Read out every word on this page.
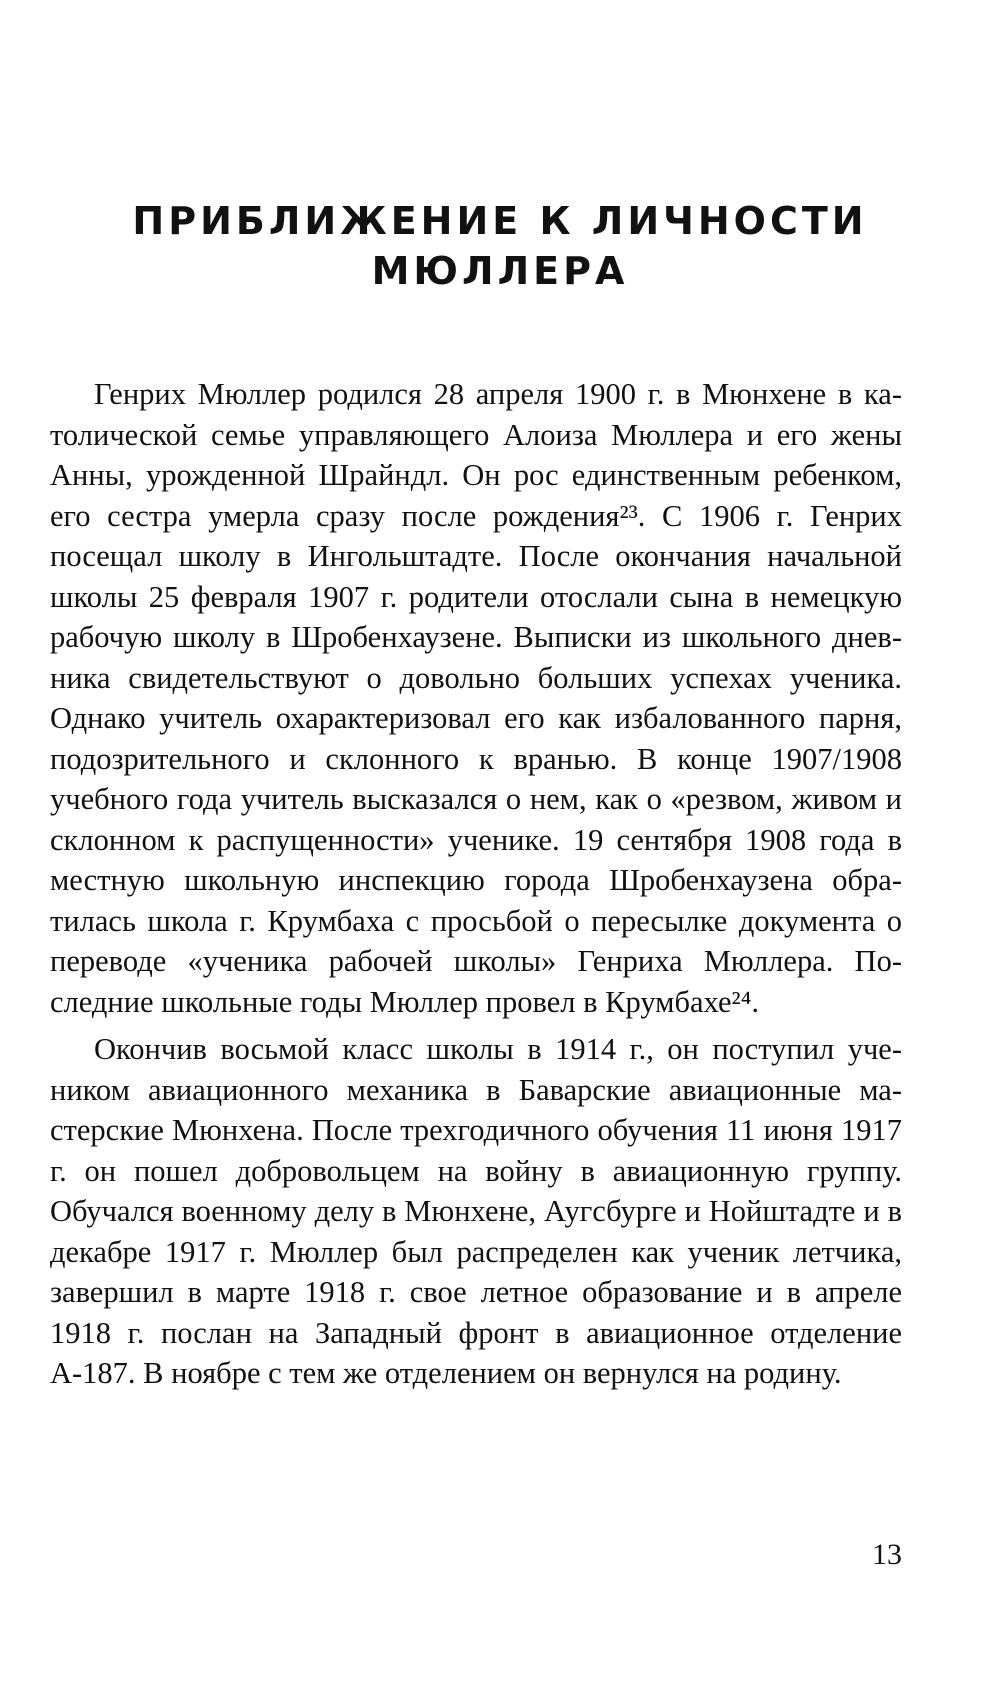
ПРИБЛИЖЕНИЕ К ЛИЧНОСТИ
МЮЛЛЕРА

Генрих Мюллер родился 28 апреля 1900 г. в Мюнхене в католической семье управляющего Алоиза Мюллера и его жены Анны, урожденной Шрайндл. Он рос единственным ребенком, его сестра умерла сразу после рождения²³. С 1906 г. Генрих посещал школу в Ингольштадте. После окончания начальной школы 25 февраля 1907 г. родители отослали сына в немецкую рабочую школу в Шробенхаузене. Выписки из школьного дневника свидетельствуют о довольно больших успехах ученика. Однако учитель охарактеризовал его как избалованного парня, подозрительного и склонного к вранью. В конце 1907/1908 учебного года учитель высказался о нем, как о «резвом, живом и склонном к распущенности» ученике. 19 сентября 1908 года в местную школьную инспекцию города Шробенхаузена обратилась школа г. Крумбаха с просьбой о пересылке документа о переводе «ученика рабочей школы» Генриха Мюллера. Последние школьные годы Мюллер провел в Крумбахе²⁴.

Окончив восьмой класс школы в 1914 г., он поступил учеником авиационного механика в Баварские авиационные мастерские Мюнхена. После трехгодичного обучения 11 июня 1917 г. он пошел добровольцем на войну в авиационную группу. Обучался военному делу в Мюнхене, Аугсбурге и Нойштадте и в декабре 1917 г. Мюллер был распределен как ученик летчика, завершил в марте 1918 г. свое летное образование и в апреле 1918 г. послан на Западный фронт в авиационное отделение А-187. В ноябре с тем же отделением он вернулся на родину.

13
